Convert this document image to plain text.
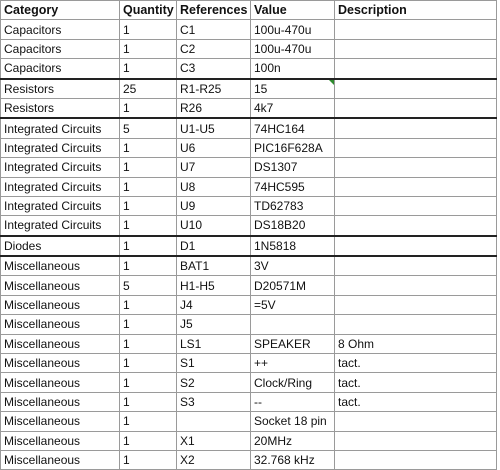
Category	Quantity	References	Value	Description
Capacitors	1	C1	100u-470u	
Capacitors	1	C2	100u-470u	
Capacitors	1	C3	100n	
Resistors	25	R1-R25	15	
Resistors	1	R26	4k7	
Integrated Circuits	5	U1-U5	74HC164	
Integrated Circuits	1	U6	PIC16F628A	
Integrated Circuits	1	U7	DS1307	
Integrated Circuits	1	U8	74HC595	
Integrated Circuits	1	U9	TD62783	
Integrated Circuits	1	U10	DS18B20	
Diodes	1	D1	1N5818	
Miscellaneous	1	BAT1	3V	
Miscellaneous	5	H1-H5	D20571M	
Miscellaneous	1	J4	=5V	
Miscellaneous	1	J5		
Miscellaneous	1	LS1	SPEAKER	8 Ohm
Miscellaneous	1	S1	++	tact.
Miscellaneous	1	S2	Clock/Ring	tact.
Miscellaneous	1	S3	--	tact.
Miscellaneous	1		Socket 18 pin	
Miscellaneous	1	X1	20MHz	
Miscellaneous	1	X2	32.768 kHz	
